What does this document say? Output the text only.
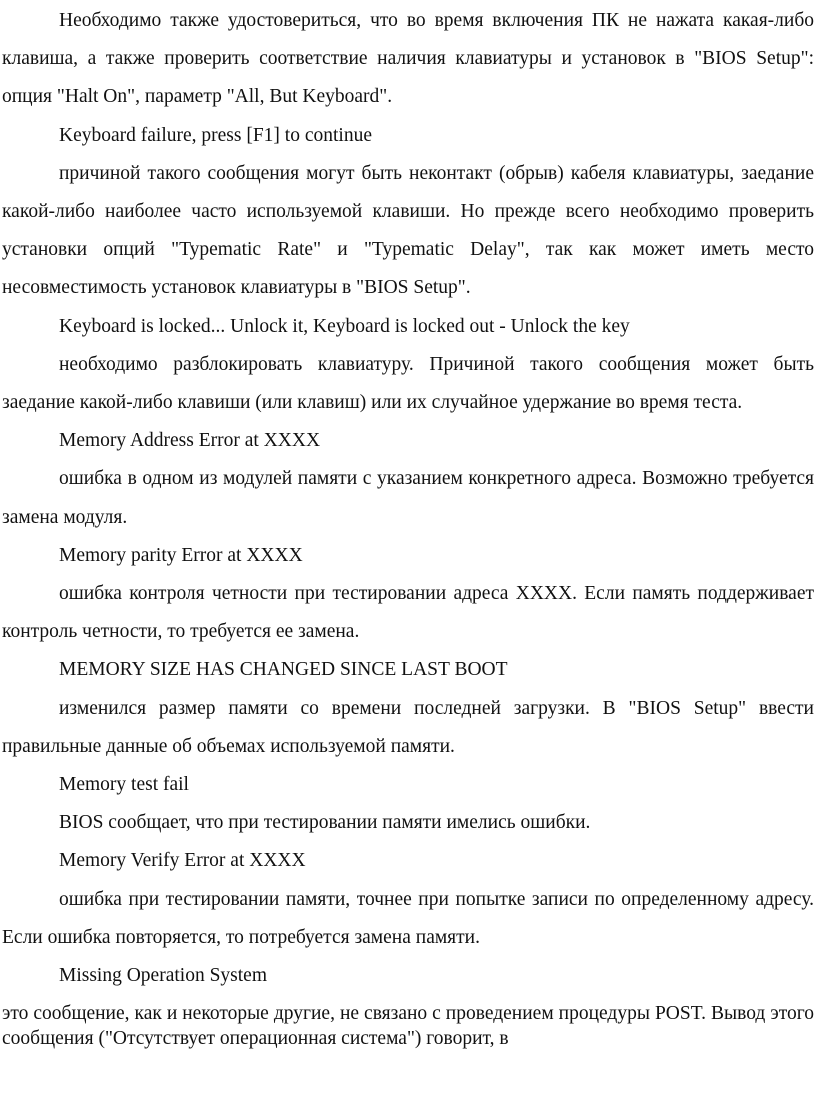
Необходимо также удостовериться, что во время включения ПК не нажата какая-либо клавиша, а также проверить соответствие наличия клавиатуры и установок в "BIOS Setup": опция "Halt On", параметр "All, But Keyboard".

Keyboard failure, press [F1] to continue

причиной такого сообщения могут быть неконтакт (обрыв) кабеля клавиатуры, заедание какой-либо наиболее часто используемой клавиши. Но прежде всего необходимо проверить установки опций "Typematic Rate" и "Typematic Delay", так как может иметь место несовместимость установок клавиатуры в "BIOS Setup".

Keyboard is locked... Unlock it, Keyboard is locked out - Unlock the key

необходимо разблокировать клавиатуру. Причиной такого сообщения может быть заедание какой-либо клавиши (или клавиш) или их случайное удержание во время теста.

Memory Address Error at XXXX

ошибка в одном из модулей памяти с указанием конкретного адреса. Возможно требуется замена модуля.

Memory parity Error at XXXX

ошибка контроля четности при тестировании адреса XXXX. Если память поддерживает контроль четности, то требуется ее замена.

MEMORY SIZE HAS CHANGED SINCE LAST BOOT

изменился размер памяти со времени последней загрузки. В "BIOS Setup" ввести правильные данные об объемах используемой памяти.

Memory test fail

BIOS сообщает, что при тестировании памяти имелись ошибки.

Memory Verify Error at XXXX

ошибка при тестировании памяти, точнее при попытке записи по определенному адресу. Если ошибка повторяется, то потребуется замена памяти.

Missing Operation System

это сообщение, как и некоторые другие, не связано с проведением процедуры POST. Вывод этого сообщения ("Отсутствует операционная система") говорит, в
